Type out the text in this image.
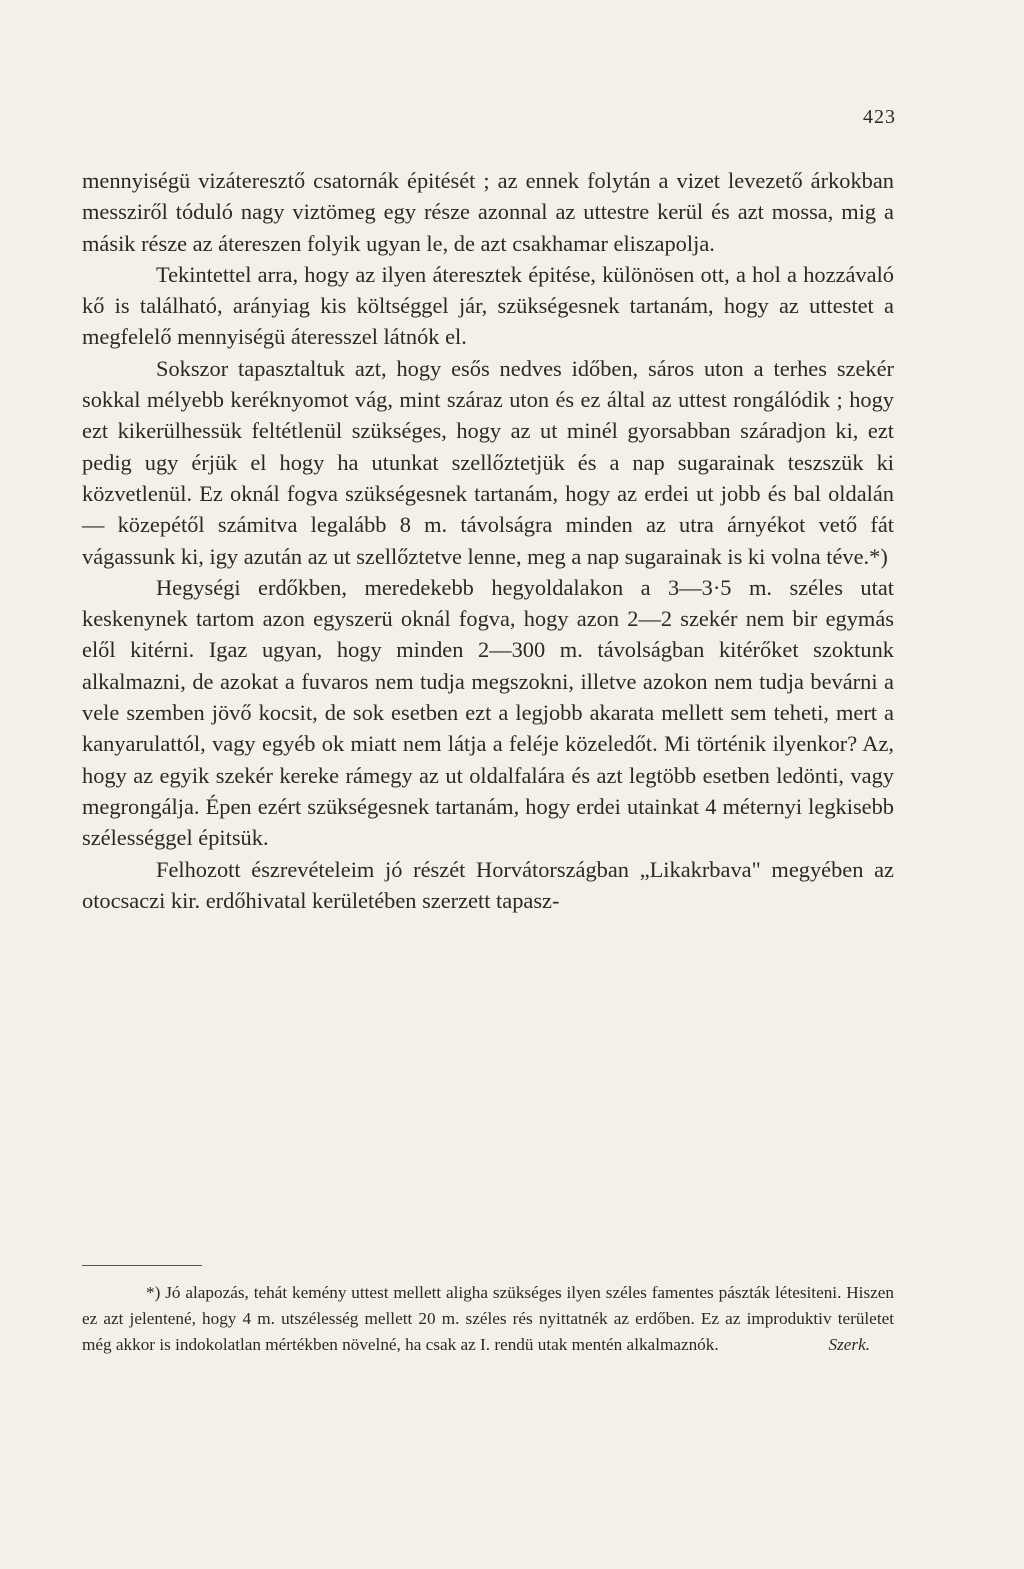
423

mennyiségü vizáteresztő csatornák épitését ; az ennek folytán a vizet levezető árkokban messziről tóduló nagy viztömeg egy része azonnal az uttestre kerül és azt mossa, mig a másik része az átereszen folyik ugyan le, de azt csakhamar eliszapolja.

Tekintettel arra, hogy az ilyen áteresztek épitése, különösen ott, a hol a hozzávaló kő is található, arányiag kis költséggel jár, szükségesnek tartanám, hogy az uttestet a megfelelő mennyiségü áteresszel látnók el.

Sokszor tapasztaltuk azt, hogy esős nedves időben, sáros uton a terhes szekér sokkal mélyebb keréknyomot vág, mint száraz uton és ez által az uttest rongálódik ; hogy ezt kikerülhessük feltétlenül szükséges, hogy az ut minél gyorsabban száradjon ki, ezt pedig ugy érjük el hogy ha utunkat szellőztetjük és a nap sugarainak teszszük ki közvetlenül. Ez oknál fogva szükségesnek tartanám, hogy az erdei ut jobb és bal oldalán — közepétől számitva legalább 8 m. távolságra minden az utra árnyékot vető fát vágassunk ki, igy azután az ut szellőztetve lenne, meg a nap sugarainak is ki volna téve.*)

Hegységi erdőkben, meredekebb hegyoldalakon a 3—3·5 m. széles utat keskenynek tartom azon egyszerü oknál fogva, hogy azon 2—2 szekér nem bir egymás elől kitérni. Igaz ugyan, hogy minden 2—300 m. távolságban kitérőket szoktunk alkalmazni, de azokat a fuvaros nem tudja megszokni, illetve azokon nem tudja bevárni a vele szemben jövő kocsit, de sok esetben ezt a legjobb akarata mellett sem teheti, mert a kanyarulattól, vagy egyéb ok miatt nem látja a feléje közeledőt. Mi történik ilyenkor? Az, hogy az egyik szekér kereke rámegy az ut oldalfalára és azt legtöbb esetben ledönti, vagy megrongálja. Épen ezért szükségesnek tartanám, hogy erdei utainkat 4 méternyi legkisebb szélességgel épitsük.

Felhozott észrevételeim jó részét Horvátországban „Likakrbava" megyében az otocsaczi kir. erdőhivatal kerületében szerzett tapasz-

*) Jó alapozás, tehát kemény uttest mellett aligha szükséges ilyen széles famentes pászták létesiteni. Hiszen ez azt jelentené, hogy 4 m. utszélesség mellett 20 m. széles rés nyittatnék az erdőben. Ez az improduktiv területet még akkor is indokolatlan mértékben növelné, ha csak az I. rendü utak mentén alkalmaznók.	Szerk.
